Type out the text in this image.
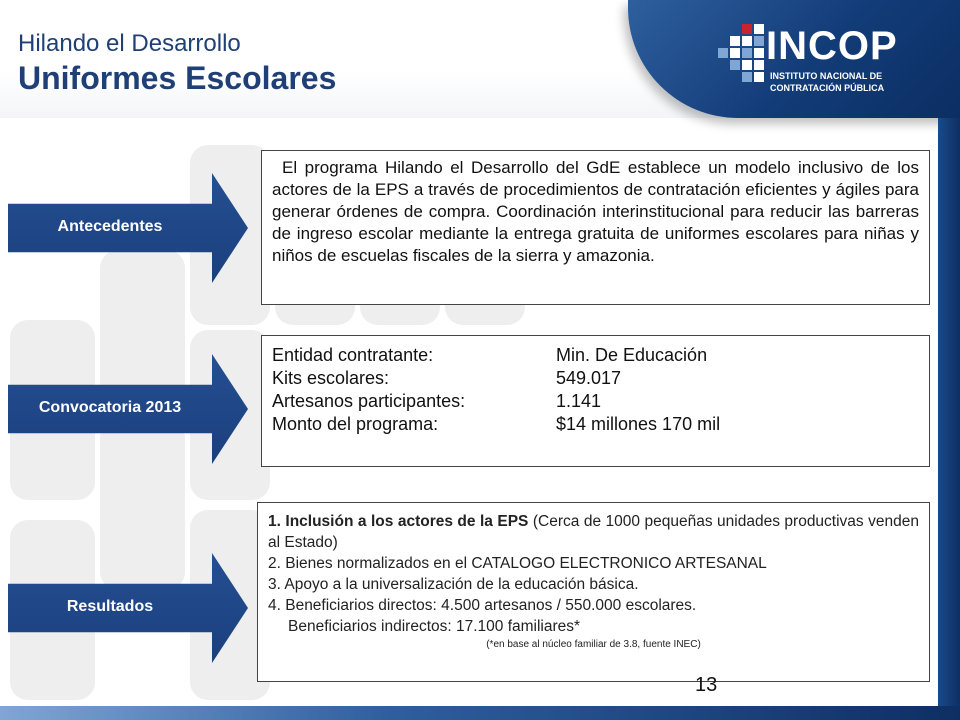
Hilando el Desarrollo
Uniformes Escolares
INCOP
INSTITUTO NACIONAL DE
CONTRATACIÓN PÚBLICA
Antecedentes

El programa Hilando el Desarrollo del GdE establece un modelo inclusivo de los actores de la EPS a través de procedimientos de contratación eficientes y ágiles para generar órdenes de compra. Coordinación interinstitucional para reducir las barreras de ingreso escolar mediante la entrega gratuita de uniformes escolares para niñas y niños de escuelas fiscales de la sierra y amazonia.

Convocatoria 2013
Entidad contratante:	Min. De Educación
Kits escolares:	549.017
Artesanos participantes:	1.141
Monto del programa:	$14 millones 170 mil
Resultados
1. Inclusión a los actores de la EPS (Cerca de 1000 pequeñas unidades productivas venden al Estado)
2. Bienes normalizados en el CATALOGO ELECTRONICO ARTESANAL
3. Apoyo a la universalización de la educación básica.
4. Beneficiarios directos: 4.500 artesanos / 550.000 escolares.
Beneficiarios indirectos: 17.100 familiares*
(*en base al núcleo familiar de 3.8, fuente INEC)
13
